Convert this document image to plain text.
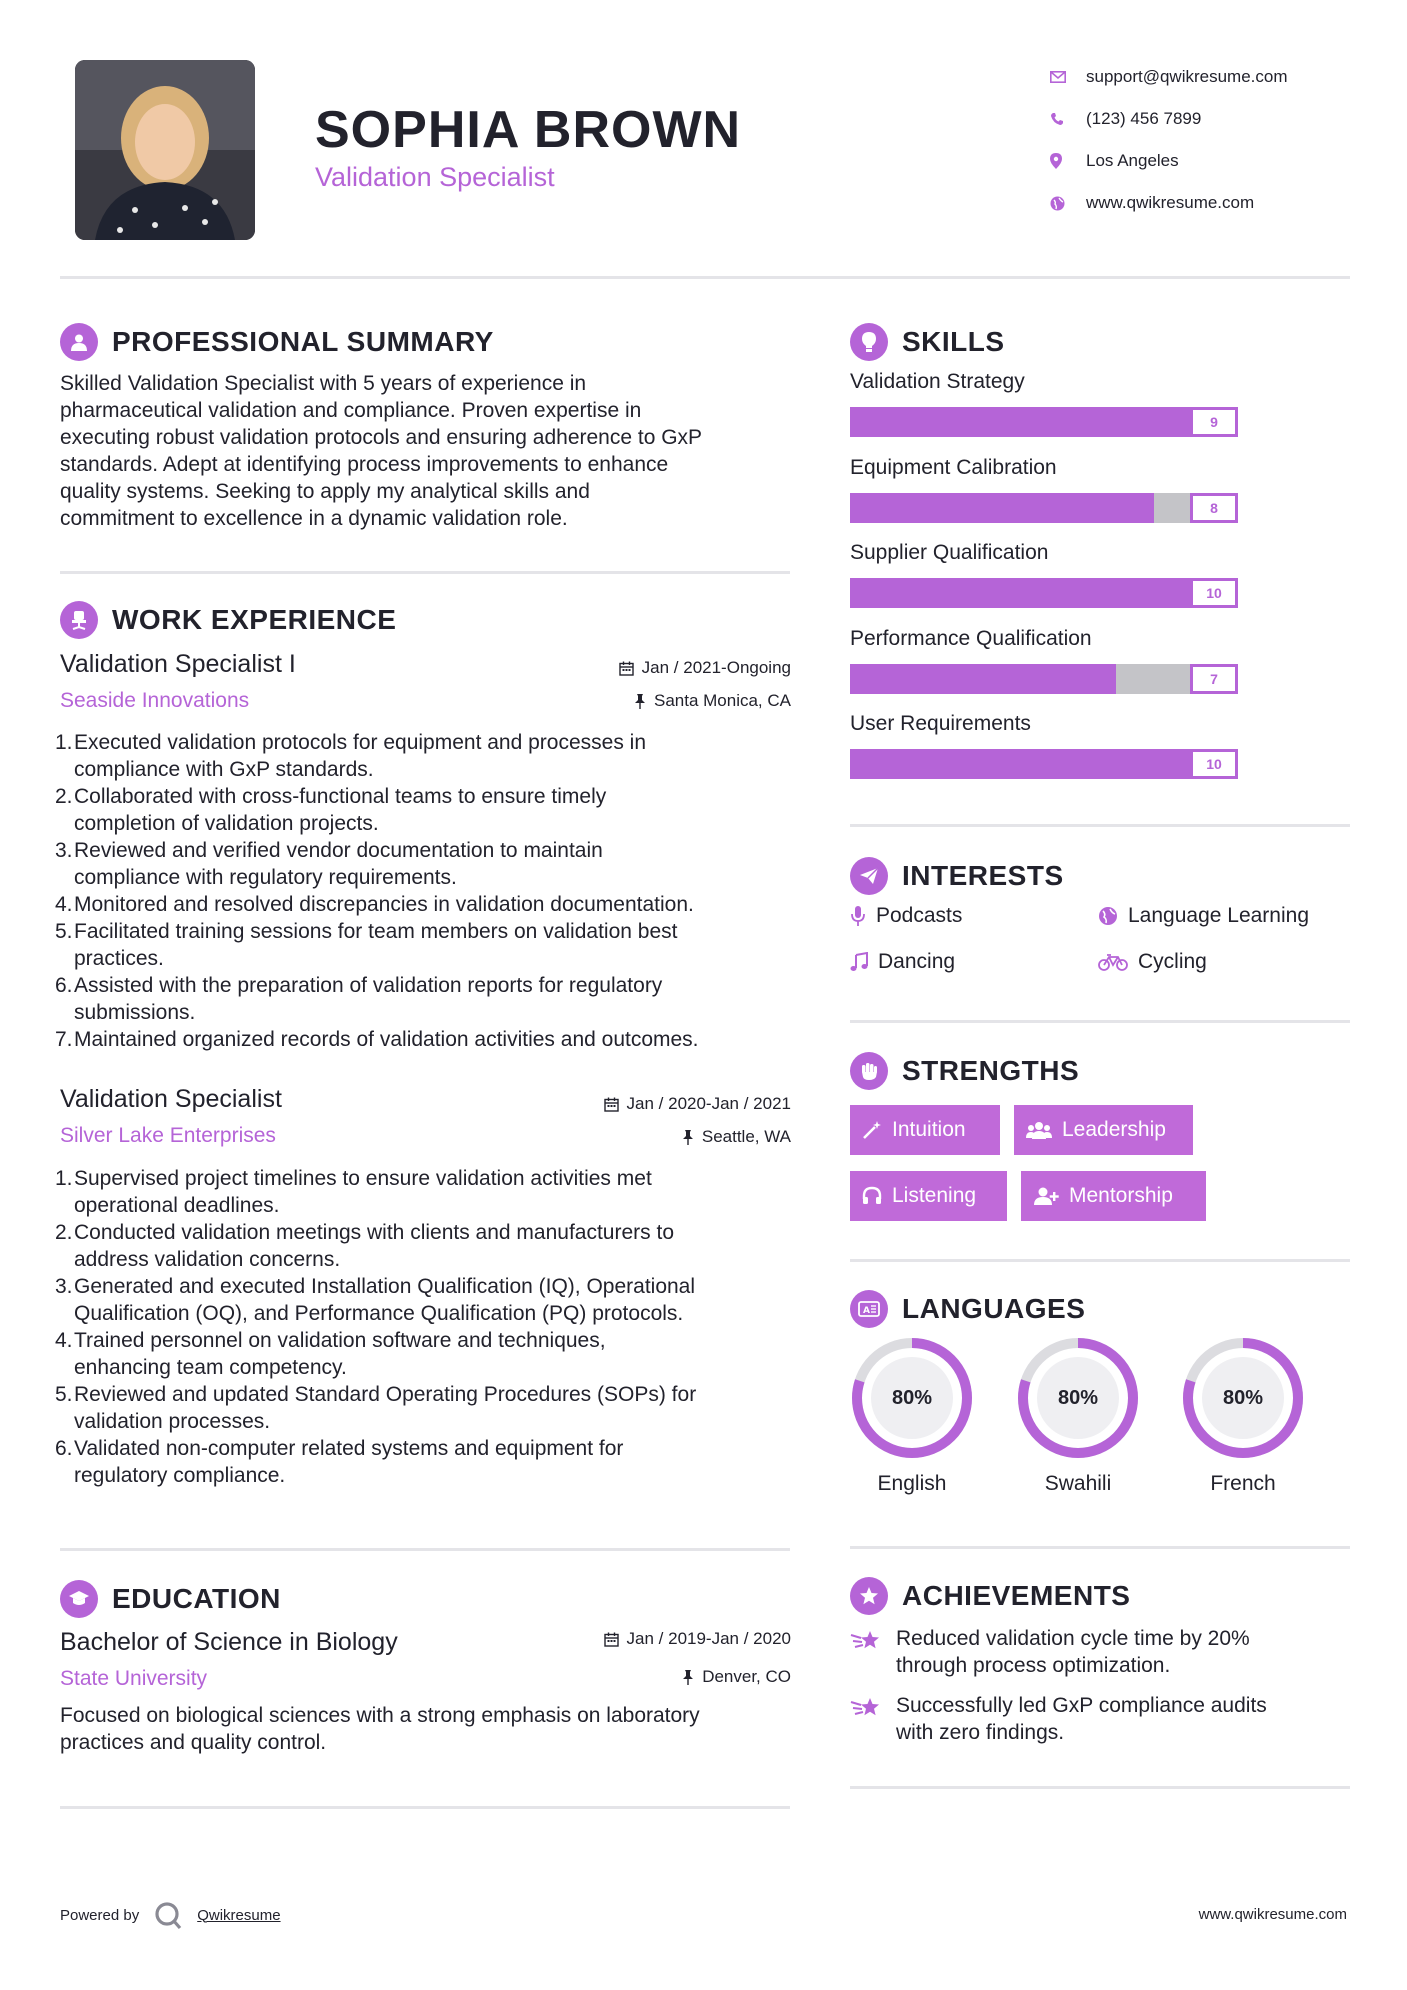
SOPHIA BROWN
Validation Specialist
support@qwikresume.com
(123) 456 7899
Los Angeles
www.qwikresume.com
PROFESSIONAL SUMMARY
Skilled Validation Specialist with 5 years of experience in
pharmaceutical validation and compliance. Proven expertise in
executing robust validation protocols and ensuring adherence to GxP
standards. Adept at identifying process improvements to enhance
quality systems. Seeking to apply my analytical skills and
commitment to excellence in a dynamic validation role.
WORK EXPERIENCE
Validation Specialist I
Seaside Innovations
Jan / 2021-Ongoing
Santa Monica, CA
1. Executed validation protocols for equipment and processes in
compliance with GxP standards.
2. Collaborated with cross-functional teams to ensure timely
completion of validation projects.
3. Reviewed and verified vendor documentation to maintain
compliance with regulatory requirements.
4. Monitored and resolved discrepancies in validation documentation.
5. Facilitated training sessions for team members on validation best
practices.
6. Assisted with the preparation of validation reports for regulatory
submissions.
7. Maintained organized records of validation activities and outcomes.
Validation Specialist
Silver Lake Enterprises
Jan / 2020-Jan / 2021
Seattle, WA
1. Supervised project timelines to ensure validation activities met
operational deadlines.
2. Conducted validation meetings with clients and manufacturers to
address validation concerns.
3. Generated and executed Installation Qualification (IQ), Operational
Qualification (OQ), and Performance Qualification (PQ) protocols.
4. Trained personnel on validation software and techniques,
enhancing team competency.
5. Reviewed and updated Standard Operating Procedures (SOPs) for
validation processes.
6. Validated non-computer related systems and equipment for
regulatory compliance.
EDUCATION
Bachelor of Science in Biology
State University
Jan / 2019-Jan / 2020
Denver, CO
Focused on biological sciences with a strong emphasis on laboratory
practices and quality control.
SKILLS
Validation Strategy
9
Equipment Calibration
8
Supplier Qualification
10
Performance Qualification
7
User Requirements
10
INTERESTS
Podcasts	Language Learning
Dancing	Cycling
STRENGTHS
Intuition	Leadership
Listening	Mentorship
A LANGUAGES
80%
English
80%
Swahili
80%
French
ACHIEVEMENTS
Reduced validation cycle time by 20%
through process optimization.
Successfully led GxP compliance audits
with zero findings.
Powered by	Qwikresume	www.qwikresume.com
